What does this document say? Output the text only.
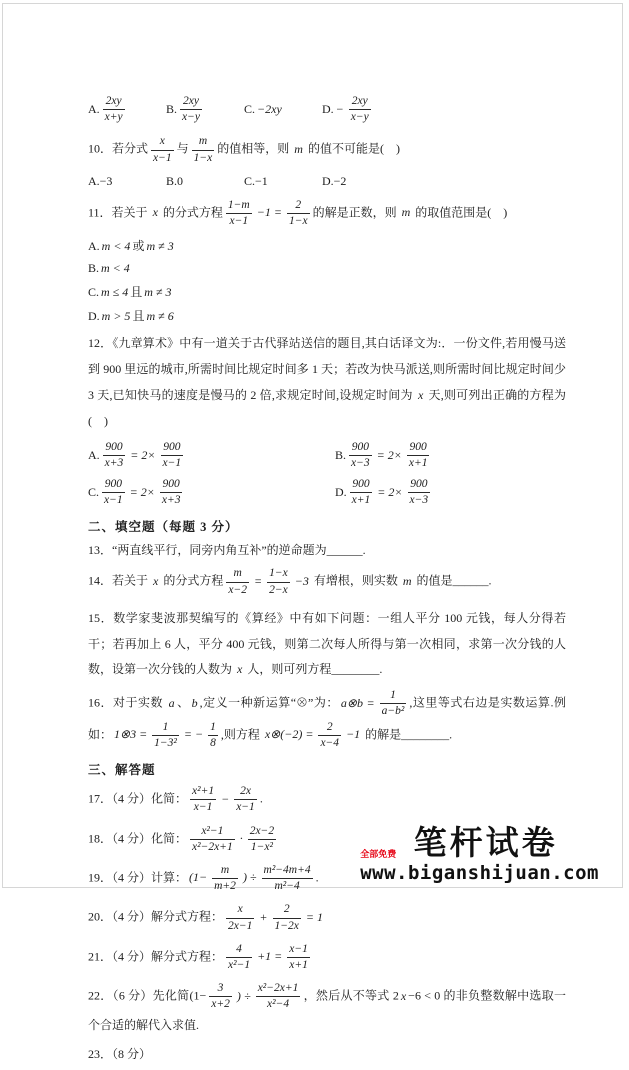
A. $\frac{2xy}{x+y}$	B. $\frac{2xy}{x-y}$	C. −2xy	D. − $\frac{2xy}{x-y}$
10．若分式 $\frac{x}{x-1}$ 与 $\frac{m}{1-x}$ 的值相等，则 m 的值不可能是(　)
A.−3	B.0	C.−1	D.−2
11．若关于 x 的分式方程 $\frac{1-m}{x-1} -1 = \frac{2}{1-x}$ 的解是正数，则 m 的取值范围是(　)
A. m < 4 或 m ≠ 3
B. m < 4
C. m ≤ 4 且 m ≠ 3
D. m > 5 且 m ≠ 6
12．《九章算术》中有一道关于古代驿站送信的题目,其白话译文为:．一份文件,若用慢马送到 900 里远的城市,所需时间比规定时间多 1 天；若改为快马派送,则所需时间比规定时间少 3 天,已知快马的速度是慢马的 2 倍,求规定时间,设规定时间为 x 天,则可列出正确的方程为(　)
A. $\frac{900}{x+3} = 2\times \frac{900}{x-1}$	B. $\frac{900}{x-3} = 2\times \frac{900}{x+1}$
C. $\frac{900}{x-1} = 2\times \frac{900}{x+3}$	D. $\frac{900}{x+1} = 2\times \frac{900}{x-3}$
二、填空题（每题 3 分）
13．“两直线平行，同旁内角互补”的逆命题为______.
14．若关于 x 的分式方程 $\frac{m}{x-2} = \frac{1-x}{2-x} -3$ 有增根，则实数 m 的值是______.
15．数学家斐波那契编写的《算经》中有如下问题：一组人平分 100 元钱，每人分得若干；若再加上 6 人，平分 400 元钱，则第二次每人所得与第一次相同，求第一次分钱的人数，设第一次分钱的人数为 x 人，则可列方程________.
16．对于实数 a 、 b ,定义一种新运算“⊗”为： a⊗b = $\frac{1}{\text{a−b²}}$ ,这里等式右边是实数运算.例如： 1⊗3 = $\frac{1}{\text{1−3²}}$ = − $\frac{1}{8}$ ,则方程 x⊗(−2) = $\frac{2}{x-4} -1$ 的解是________.
三、解答题
17．（4 分）化简： $\frac{\text{x²+1}}{x-1} - \frac{2x}{x-1}$ .
18．（4 分）化简： $\frac{\text{x²−1}}{\text{x²−2x+1}} \cdot \frac{2x-2}{\text{1−x²}}$
19．（4 分）计算： ($1- \frac{m}{m+2}$ ) ÷ $\frac{\text{m²−4m+4}}{\text{m²−4}}$ .
20．（4 分）解分式方程： $\frac{x}{2x-1} + \frac{2}{1-2x} = 1$
21．（4 分）解分式方程： $\frac{4}{\text{x²−1}} +1 = \frac{x-1}{x+1}$
22．（6 分）先化简($1- \frac{3}{x+2}$ ) ÷ $\frac{\text{x²−2x+1}}{\text{x²−4}}$ ，然后从不等式 2 x −6 < 0 的非负整数解中选取一个合适的解代入求值.
23．（8 分）
全部免费 笔杆试卷
www.biganshijuan.com
